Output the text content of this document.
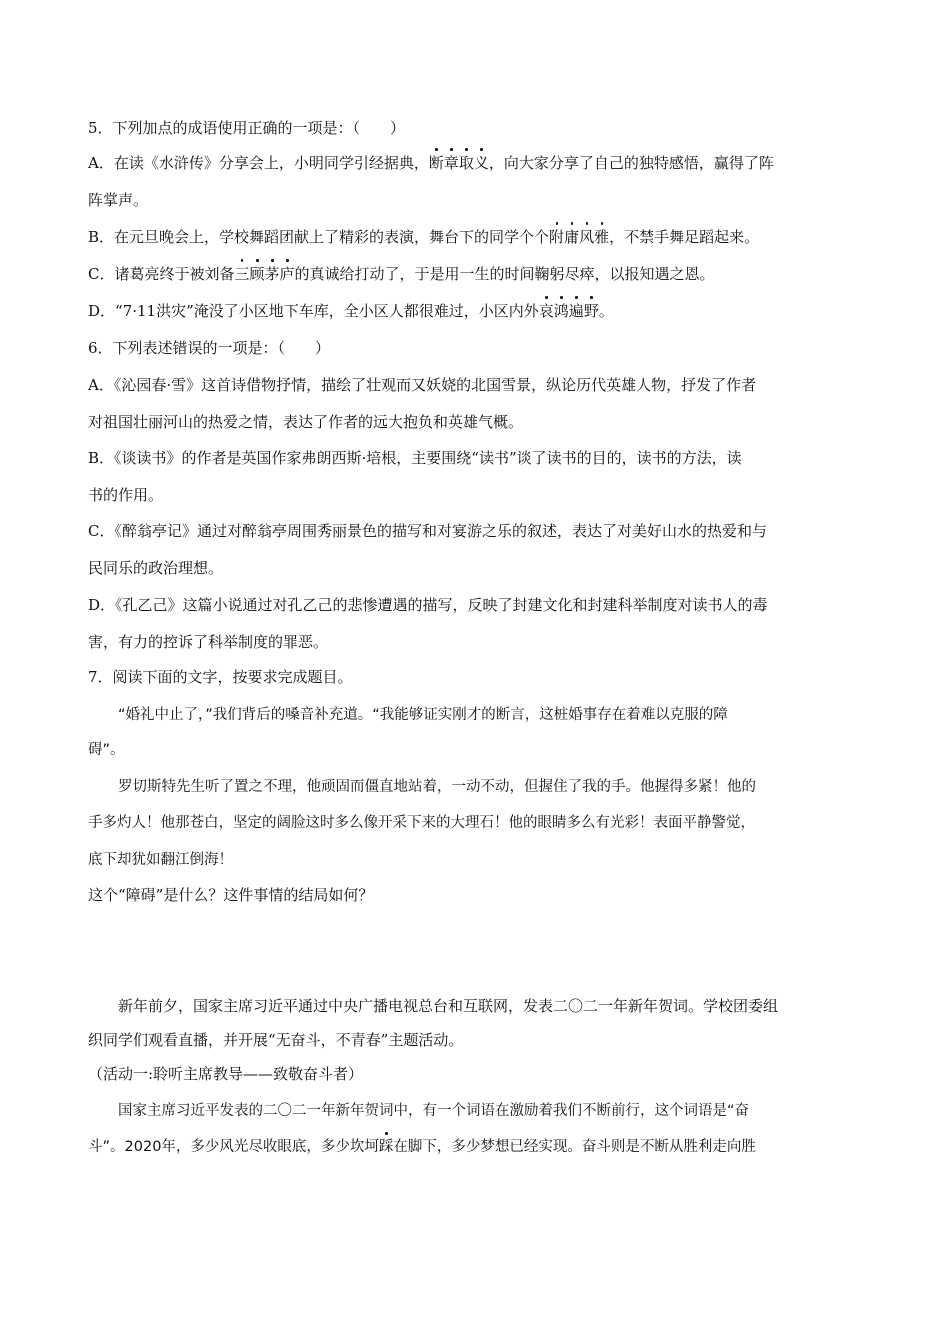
5．下列加点的成语使用正确的一项是：（　　）
A．在读《水浒传》分享会上，小明同学引经据典，断章取义，向大家分享了自己的独特感悟，赢得了阵
阵掌声。
B．在元旦晚会上，学校舞蹈团献上了精彩的表演，舞台下的同学个个附庸风雅，不禁手舞足蹈起来。
C．诸葛亮终于被刘备三顾茅庐的真诚给打动了，于是用一生的时间鞠躬尽瘁，以报知遇之恩。
D．“7·11洪灾”淹没了小区地下车库，全小区人都很难过，小区内外哀鸿遍野。
6．下列表述错误的一项是：（　　）
A．《沁园春·雪》这首诗借物抒情，描绘了壮观而又妖娆的北国雪景，纵论历代英雄人物，抒发了作者
对祖国壮丽河山的热爱之情，表达了作者的远大抱负和英雄气概。
B．《谈读书》的作者是英国作家弗朗西斯·培根，主要围绕“读书”谈了读书的目的，读书的方法，读
书的作用。
C．《醉翁亭记》通过对醉翁亭周围秀丽景色的描写和对宴游之乐的叙述，表达了对美好山水的热爱和与
民同乐的政治理想。
D．《孔乙己》这篇小说通过对孔乙己的悲惨遭遇的描写，反映了封建文化和封建科举制度对读书人的毒
害，有力的控诉了科举制度的罪恶。
7．阅读下面的文字，按要求完成题目。
“婚礼中止了，”我们背后的嗓音补充道。“我能够证实刚才的断言，这桩婚事存在着难以克服的障
碍”。
罗切斯特先生听了置之不理，他顽固而僵直地站着，一动不动，但握住了我的手。他握得多紧！他的
手多灼人！他那苍白，坚定的阔脸这时多么像开采下来的大理石！他的眼睛多么有光彩！表面平静警觉，
底下却犹如翻江倒海！
这个“障碍”是什么？这件事情的结局如何？
新年前夕，国家主席习近平通过中央广播电视总台和互联网，发表二〇二一年新年贺词。学校团委组
织同学们观看直播，并开展“无奋斗，不青春”主题活动。
（活动一:聆听主席教导——致敬奋斗者）
国家主席习近平发表的二〇二一年新年贺词中，有一个词语在激励着我们不断前行，这个词语是“奋
斗”。2020年，多少风光尽收眼底，多少坎坷踩在脚下，多少梦想已经实现。奋斗则是不断从胜利走向胜
